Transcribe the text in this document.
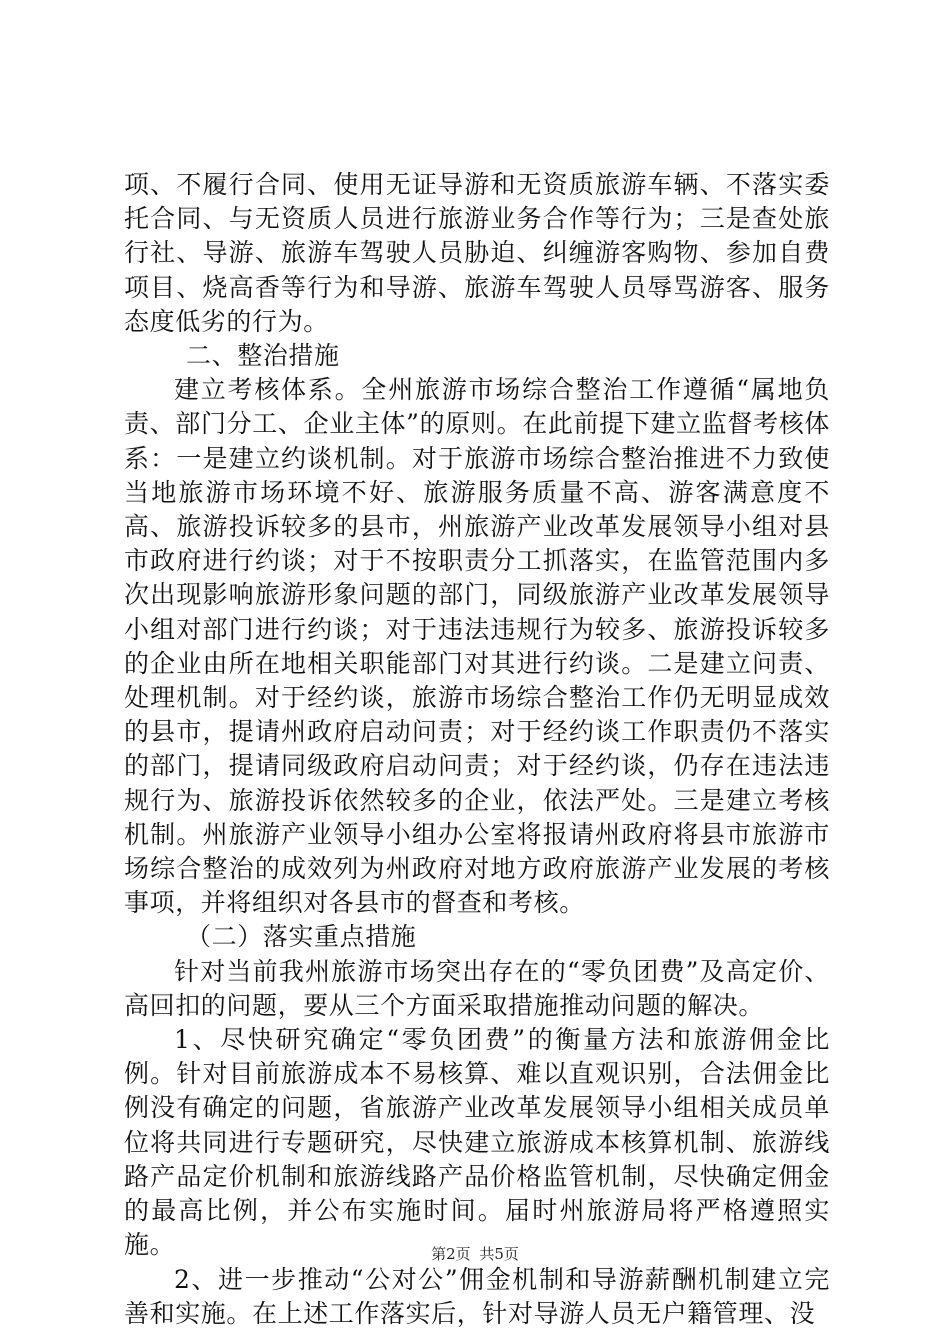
项、不履行合同、使用无证导游和无资质旅游车辆、不落实委托合同、与无资质人员进行旅游业务合作等行为；三是查处旅行社、导游、旅游车驾驶人员胁迫、纠缠游客购物、参加自费项目、烧高香等行为和导游、旅游车驾驶人员辱骂游客、服务态度低劣的行为。

二、整治措施

建立考核体系。全州旅游市场综合整治工作遵循“属地负责、部门分工、企业主体”的原则。在此前提下建立监督考核体系：一是建立约谈机制。对于旅游市场综合整治推进不力致使当地旅游市场环境不好、旅游服务质量不高、游客满意度不高、旅游投诉较多的县市，州旅游产业改革发展领导小组对县市政府进行约谈；对于不按职责分工抓落实，在监管范围内多次出现影响旅游形象问题的部门，同级旅游产业改革发展领导小组对部门进行约谈；对于违法违规行为较多、旅游投诉较多的企业由所在地相关职能部门对其进行约谈。二是建立问责、处理机制。对于经约谈，旅游市场综合整治工作仍无明显成效的县市，提请州政府启动问责；对于经约谈工作职责仍不落实的部门，提请同级政府启动问责；对于经约谈，仍存在违法违规行为、旅游投诉依然较多的企业，依法严处。三是建立考核机制。州旅游产业领导小组办公室将报请州政府将县市旅游市场综合整治的成效列为州政府对地方政府旅游产业发展的考核事项，并将组织对各县市的督查和考核。

（二）落实重点措施

针对当前我州旅游市场突出存在的“零负团费”及高定价、高回扣的问题，要从三个方面采取措施推动问题的解决。

1、尽快研究确定“零负团费”的衡量方法和旅游佣金比例。针对目前旅游成本不易核算、难以直观识别，合法佣金比例没有确定的问题，省旅游产业改革发展领导小组相关成员单位将共同进行专题研究，尽快建立旅游成本核算机制、旅游线路产品定价机制和旅游线路产品价格监管机制，尽快确定佣金的最高比例，并公布实施时间。届时州旅游局将严格遵照实施。

2、进一步推动“公对公”佣金机制和导游薪酬机制建立完善和实施。在上述工作落实后，针对导游人员无户籍管理、没

第2页 共5页
